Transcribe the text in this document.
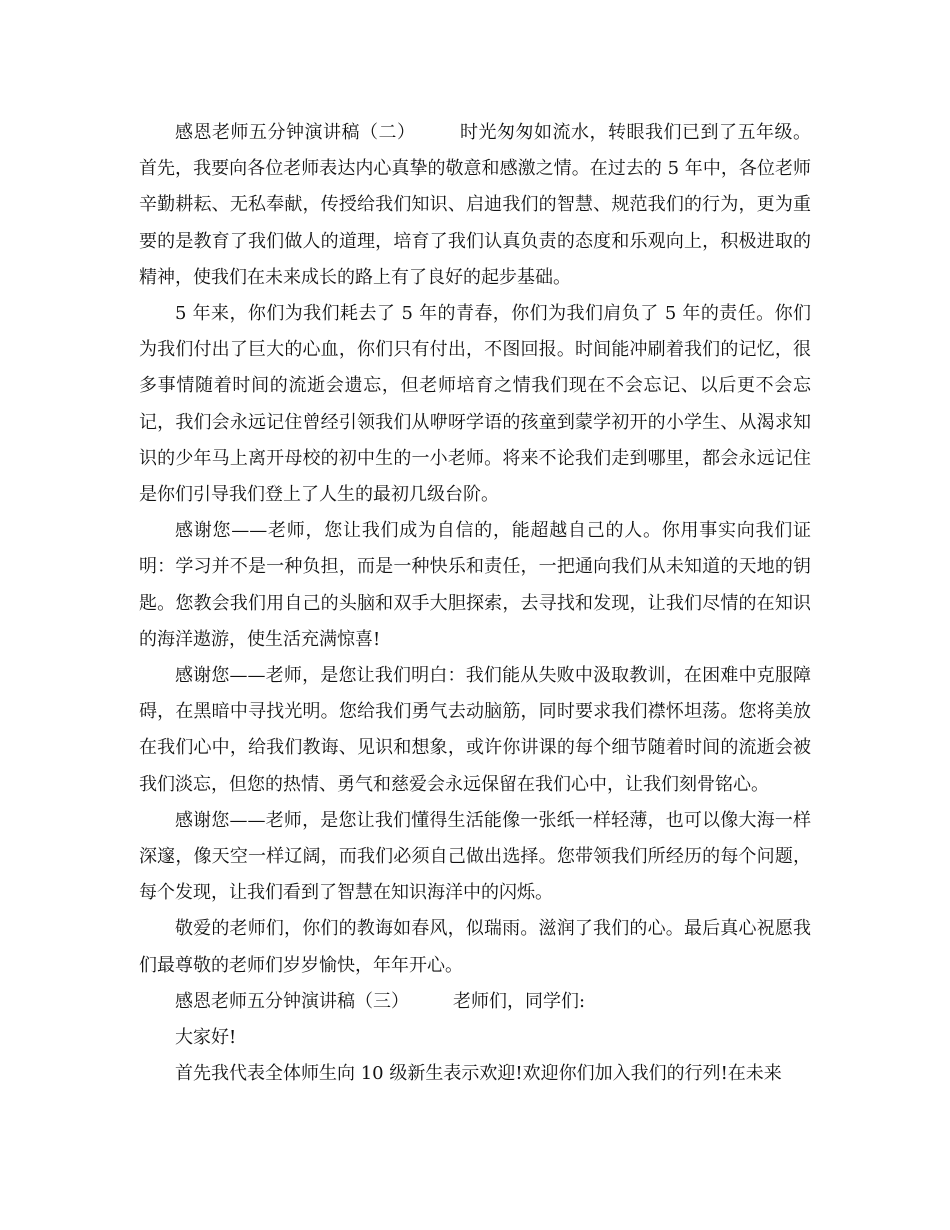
感恩老师五分钟演讲稿（二） 时光匆匆如流水，转眼我们已到了五年级。首先，我要向各位老师表达内心真挚的敬意和感激之情。在过去的 5 年中，各位老师辛勤耕耘、无私奉献，传授给我们知识、启迪我们的智慧、规范我们的行为，更为重要的是教育了我们做人的道理，培育了我们认真负责的态度和乐观向上，积极进取的精神，使我们在未来成长的路上有了良好的起步基础。

5 年来，你们为我们耗去了 5 年的青春，你们为我们肩负了 5 年的责任。你们为我们付出了巨大的心血，你们只有付出，不图回报。时间能冲刷着我们的记忆，很多事情随着时间的流逝会遗忘，但老师培育之情我们现在不会忘记、以后更不会忘记，我们会永远记住曾经引领我们从咿呀学语的孩童到蒙学初开的小学生、从渴求知识的少年马上离开母校的初中生的一小老师。将来不论我们走到哪里，都会永远记住是你们引导我们登上了人生的最初几级台阶。

感谢您——老师，您让我们成为自信的，能超越自己的人。你用事实向我们证明：学习并不是一种负担，而是一种快乐和责任，一把通向我们从未知道的天地的钥匙。您教会我们用自己的头脑和双手大胆探索，去寻找和发现，让我们尽情的在知识的海洋遨游，使生活充满惊喜!

感谢您——老师，是您让我们明白：我们能从失败中汲取教训，在困难中克服障碍，在黑暗中寻找光明。您给我们勇气去动脑筋，同时要求我们襟怀坦荡。您将美放在我们心中，给我们教诲、见识和想象，或许你讲课的每个细节随着时间的流逝会被我们淡忘，但您的热情、勇气和慈爱会永远保留在我们心中，让我们刻骨铭心。

感谢您——老师，是您让我们懂得生活能像一张纸一样轻薄，也可以像大海一样深邃，像天空一样辽阔，而我们必须自己做出选择。您带领我们所经历的每个问题，每个发现，让我们看到了智慧在知识海洋中的闪烁。

敬爱的老师们，你们的教诲如春风，似瑞雨。滋润了我们的心。最后真心祝愿我们最尊敬的老师们岁岁愉快，年年开心。

感恩老师五分钟演讲稿（三） 老师们，同学们:

大家好!

首先我代表全体师生向 10 级新生表示欢迎!欢迎你们加入我们的行列!在未来
